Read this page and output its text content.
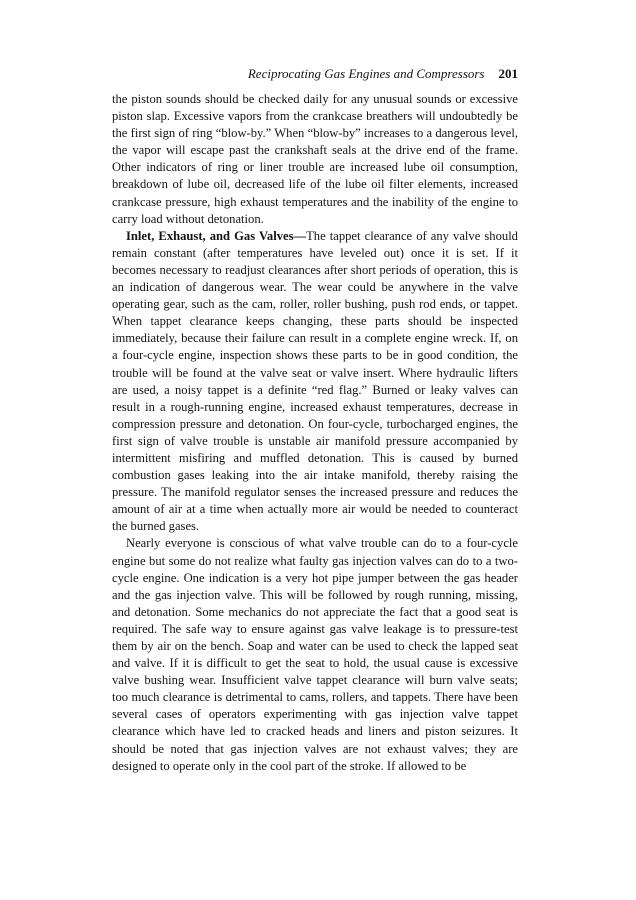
Reciprocating Gas Engines and Compressors 201

the piston sounds should be checked daily for any unusual sounds or excessive piston slap. Excessive vapors from the crankcase breathers will undoubtedly be the first sign of ring “blow-by.” When “blow-by” increases to a dangerous level, the vapor will escape past the crankshaft seals at the drive end of the frame. Other indicators of ring or liner trouble are increased lube oil consumption, breakdown of lube oil, decreased life of the lube oil filter elements, increased crankcase pressure, high exhaust temperatures and the inability of the engine to carry load without detonation.

Inlet, Exhaust, and Gas Valves—The tappet clearance of any valve should remain constant (after temperatures have leveled out) once it is set. If it becomes necessary to readjust clearances after short periods of operation, this is an indication of dangerous wear. The wear could be anywhere in the valve operating gear, such as the cam, roller, roller bushing, push rod ends, or tappet. When tappet clearance keeps changing, these parts should be inspected immediately, because their failure can result in a complete engine wreck. If, on a four-cycle engine, inspection shows these parts to be in good condition, the trouble will be found at the valve seat or valve insert. Where hydraulic lifters are used, a noisy tappet is a definite “red flag.” Burned or leaky valves can result in a rough-running engine, increased exhaust temperatures, decrease in compression pressure and detonation. On four-cycle, turbocharged engines, the first sign of valve trouble is unstable air manifold pressure accompanied by intermittent misfiring and muffled detonation. This is caused by burned combustion gases leaking into the air intake manifold, thereby raising the pressure. The manifold regulator senses the increased pressure and reduces the amount of air at a time when actually more air would be needed to counteract the burned gases.

Nearly everyone is conscious of what valve trouble can do to a four-cycle engine but some do not realize what faulty gas injection valves can do to a two-cycle engine. One indication is a very hot pipe jumper between the gas header and the gas injection valve. This will be followed by rough running, missing, and detonation. Some mechanics do not appreciate the fact that a good seat is required. The safe way to ensure against gas valve leakage is to pressure-test them by air on the bench. Soap and water can be used to check the lapped seat and valve. If it is difficult to get the seat to hold, the usual cause is excessive valve bushing wear. Insufficient valve tappet clearance will burn valve seats; too much clearance is detrimental to cams, rollers, and tappets. There have been several cases of operators experimenting with gas injection valve tappet clearance which have led to cracked heads and liners and piston seizures. It should be noted that gas injection valves are not exhaust valves; they are designed to operate only in the cool part of the stroke. If allowed to be
